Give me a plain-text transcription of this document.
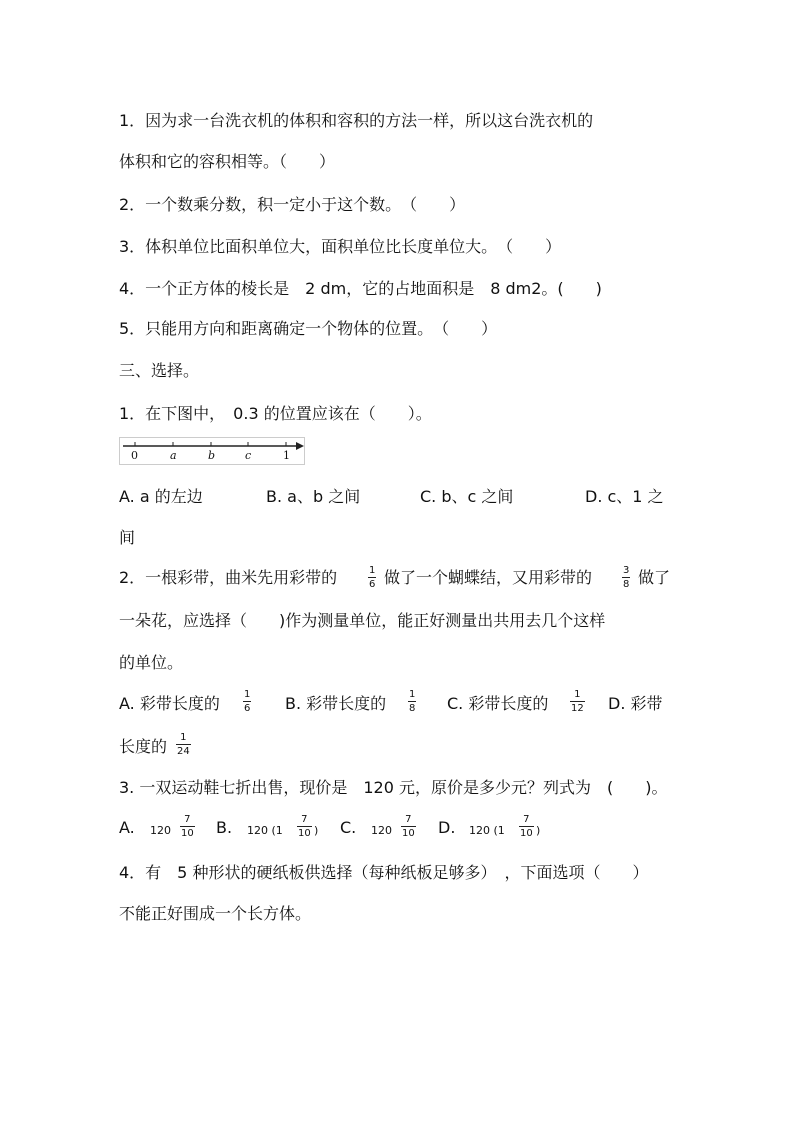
1．因为求一台洗衣机的体积和容积的方法一样，所以这台洗衣机的
体积和它的容积相等。（　　）
2．一个数乘分数，积一定小于这个数。　（　　）
3．体积单位比面积单位大，面积单位比长度单位大。　（　　）
4．一个正方体的棱长是　2 dm，它的占地面积是　8 dm2。(　　)
5．只能用方向和距离确定一个物体的位置。　（　　）
三、选择。
1．在下图中，　0.3 的位置应该在（　　）。
0	a	b	c	1
A. a 的左边	B. a、b 之间	C. b、c 之间	D. c、1 之
间
2．一根彩带，曲米先用彩带的	1
6 做了一个蝴蝶结，又用彩带的	3
8 做了
一朵花，应选择（　　)作为测量单位，能正好测量出共用去几个这样
的单位。
A. 彩带长度的 1
6 B. 彩带长度的 1
8 C. 彩带长度的	1
12 D. 彩带
长度的	1
24
3. 一双运动鞋七折出售，现价是　120 元，原价是多少元？列式为　(　　)。
A. 120
7
10 B. 120 (1
7
10 ) C. 120
7
10 D. 120 (1
7
10 )
4．有　5 种形状的硬纸板供选择（每种纸板足够多）　，下面选项（　　）
不能正好围成一个长方体。
